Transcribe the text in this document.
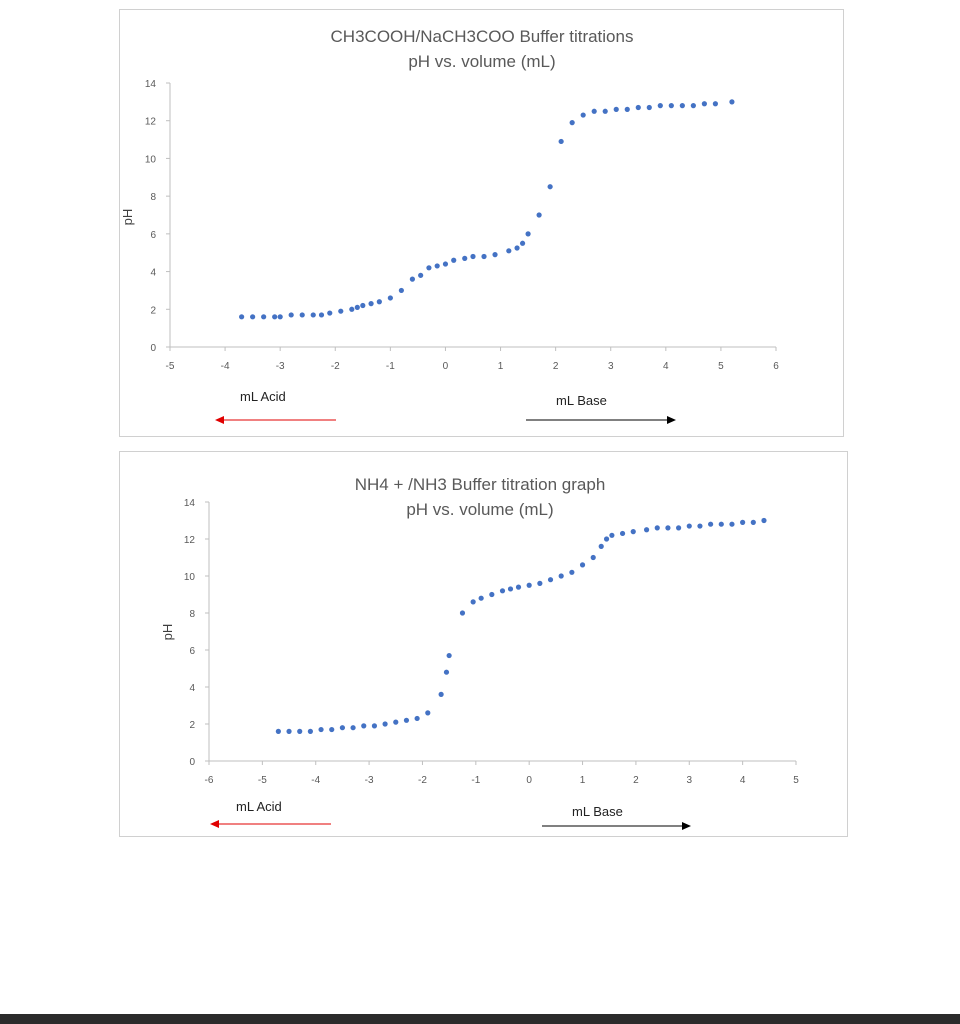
CH3COOH/NaCH3COO Buffer titrations
pH vs. volume (mL)
pH
0
2
4
6
8
10
12
14
-5	-4	-3	-2	-1	0	1	2	3	4	5	6
mL Acid	mL Base
NH4 + /NH3 Buffer titration graph
pH vs. volume (mL)
pH
0
2
4
6
8
10
12
14
-6	-5	-4	-3	-2	-1	0	1	2	3	4	5
mL Acid	mL Base
